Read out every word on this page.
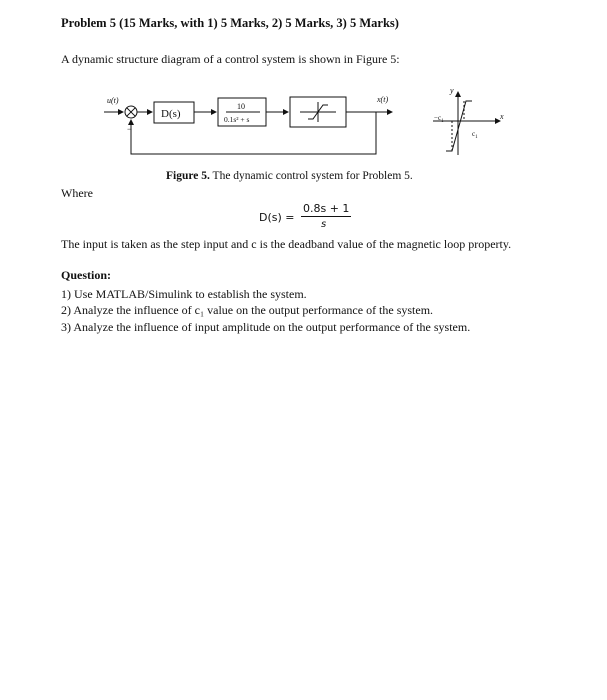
Problem 5 (15 Marks, with 1) 5 Marks, 2) 5 Marks, 3) 5 Marks)
A dynamic structure diagram of a control system is shown in Figure 5:
u(t)
−
D(s)
10
0.1s² + s
x(t)
y
x
$-c_1$
$c_1$
Figure 5. The dynamic control system for Problem 5.
Where
D(s) =
0.8s + 1
s
The input is taken as the step input and c is the deadband value of the magnetic loop property.
Question:
1) Use MATLAB/Simulink to establish the system.
2) Analyze the influence of c₁ value on the output performance of the system.
3) Analyze the influence of input amplitude on the output performance of the system.
